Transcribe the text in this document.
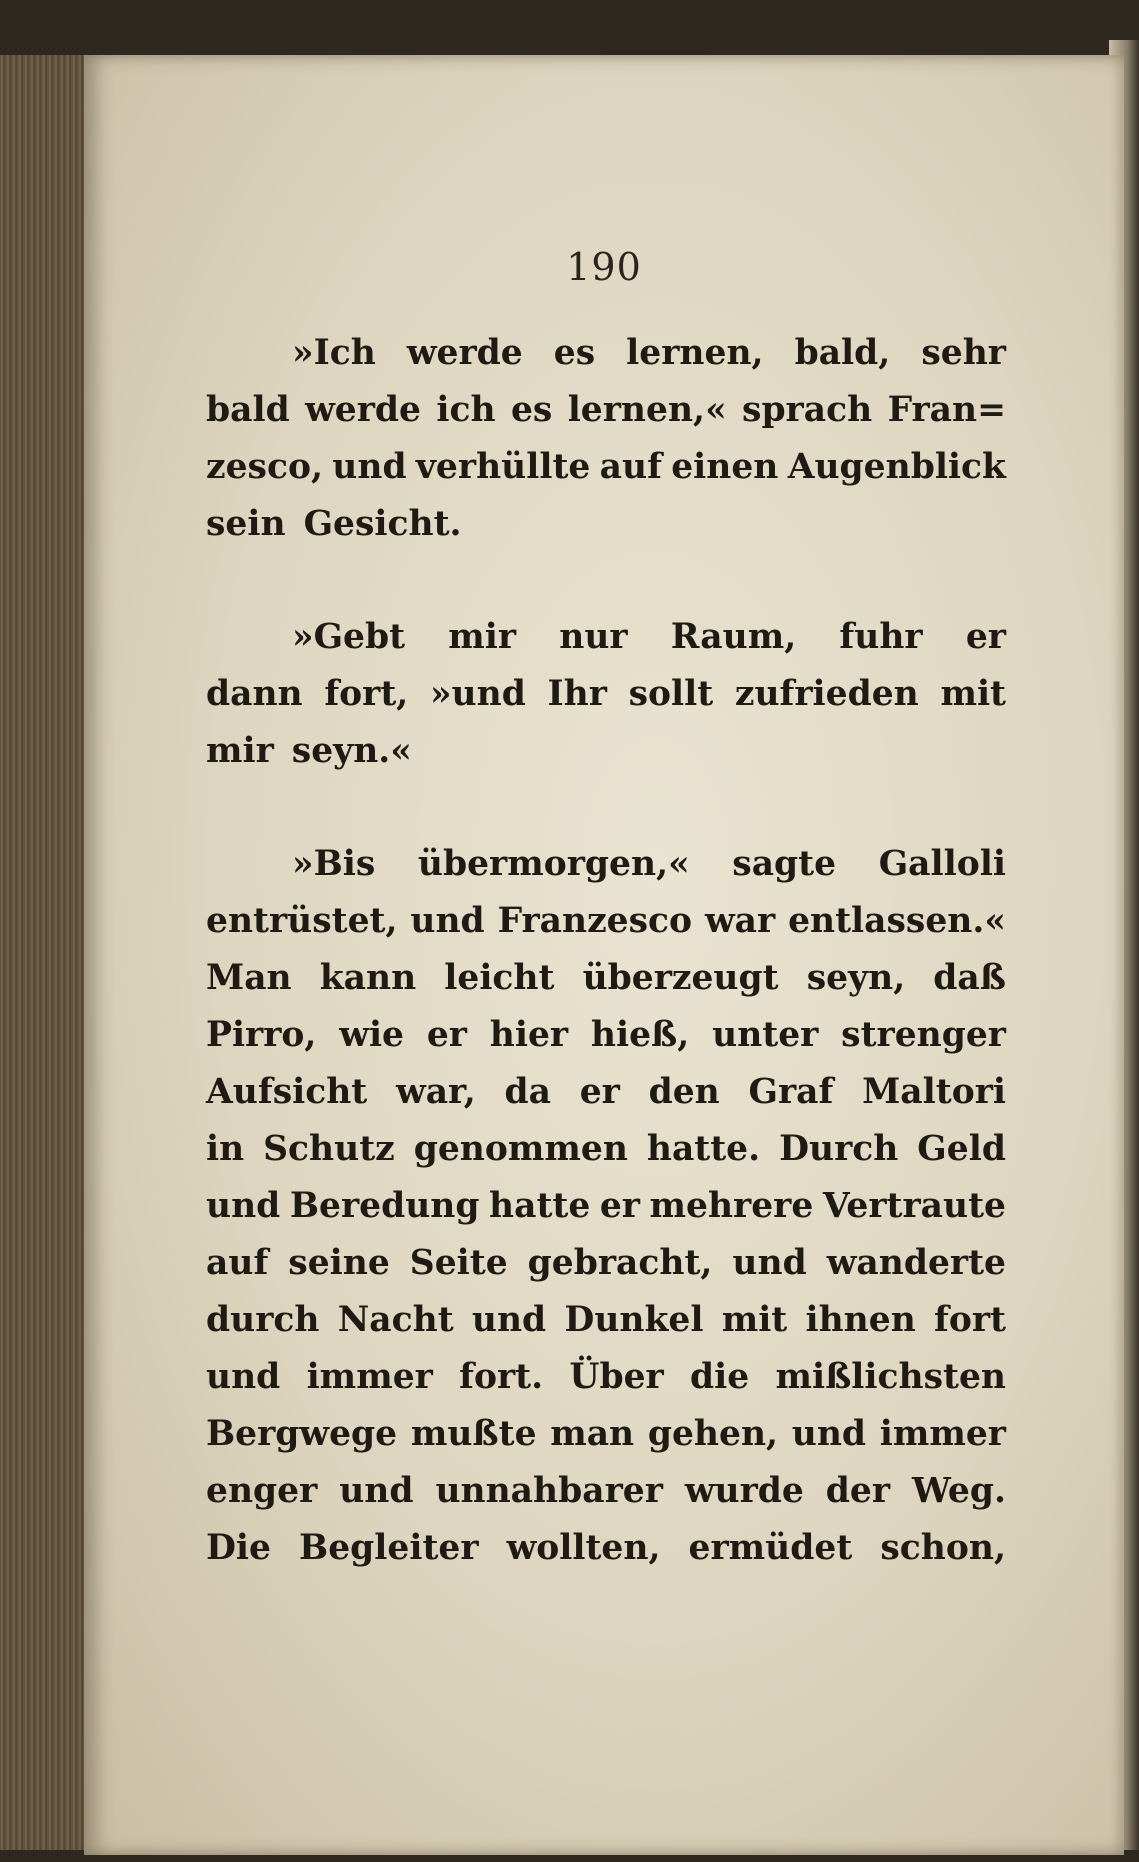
190
»Ich werde es lernen, bald, sehr
bald werde ich es lernen,« sprach Fran=
zesco, und verhüllte auf einen Augenblick
sein Gesicht.
»Gebt mir nur Raum, fuhr er
dann fort, »und Ihr sollt zufrieden mit
mir seyn.«
»Bis übermorgen,« sagte Galloli
entrüstet, und Franzesco war entlassen.«
Man kann leicht überzeugt seyn, daß
Pirro, wie er hier hieß, unter strenger
Aufsicht war, da er den Graf Maltori
in Schutz genommen hatte. Durch Geld
und Beredung hatte er mehrere Vertraute
auf seine Seite gebracht, und wanderte
durch Nacht und Dunkel mit ihnen fort
und immer fort. Über die mißlichsten
Bergwege mußte man gehen, und immer
enger und unnahbarer wurde der Weg.
Die Begleiter wollten, ermüdet schon,
